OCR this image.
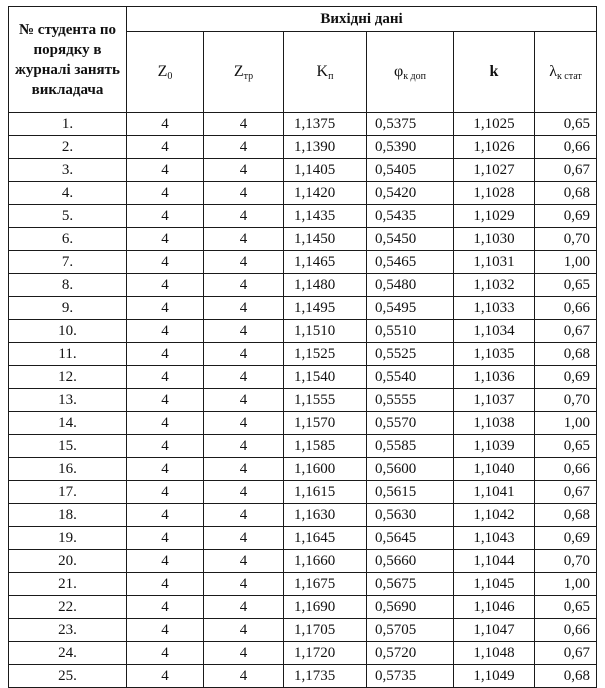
№ студента по порядку в журналі занять викладача	Вихідні дані					
	$Z_0$	$Z_{тр}$	$K_п$	$\varphi_{к доп}$	k	$\lambda_{к стат}$
1.	4	4	1,1375	0,5375	1,1025	0,65
2.	4	4	1,1390	0,5390	1,1026	0,66
3.	4	4	1,1405	0,5405	1,1027	0,67
4.	4	4	1,1420	0,5420	1,1028	0,68
5.	4	4	1,1435	0,5435	1,1029	0,69
6.	4	4	1,1450	0,5450	1,1030	0,70
7.	4	4	1,1465	0,5465	1,1031	1,00
8.	4	4	1,1480	0,5480	1,1032	0,65
9.	4	4	1,1495	0,5495	1,1033	0,66
10.	4	4	1,1510	0,5510	1,1034	0,67
11.	4	4	1,1525	0,5525	1,1035	0,68
12.	4	4	1,1540	0,5540	1,1036	0,69
13.	4	4	1,1555	0,5555	1,1037	0,70
14.	4	4	1,1570	0,5570	1,1038	1,00
15.	4	4	1,1585	0,5585	1,1039	0,65
16.	4	4	1,1600	0,5600	1,1040	0,66
17.	4	4	1,1615	0,5615	1,1041	0,67
18.	4	4	1,1630	0,5630	1,1042	0,68
19.	4	4	1,1645	0,5645	1,1043	0,69
20.	4	4	1,1660	0,5660	1,1044	0,70
21.	4	4	1,1675	0,5675	1,1045	1,00
22.	4	4	1,1690	0,5690	1,1046	0,65
23.	4	4	1,1705	0,5705	1,1047	0,66
24.	4	4	1,1720	0,5720	1,1048	0,67
25.	4	4	1,1735	0,5735	1,1049	0,68
